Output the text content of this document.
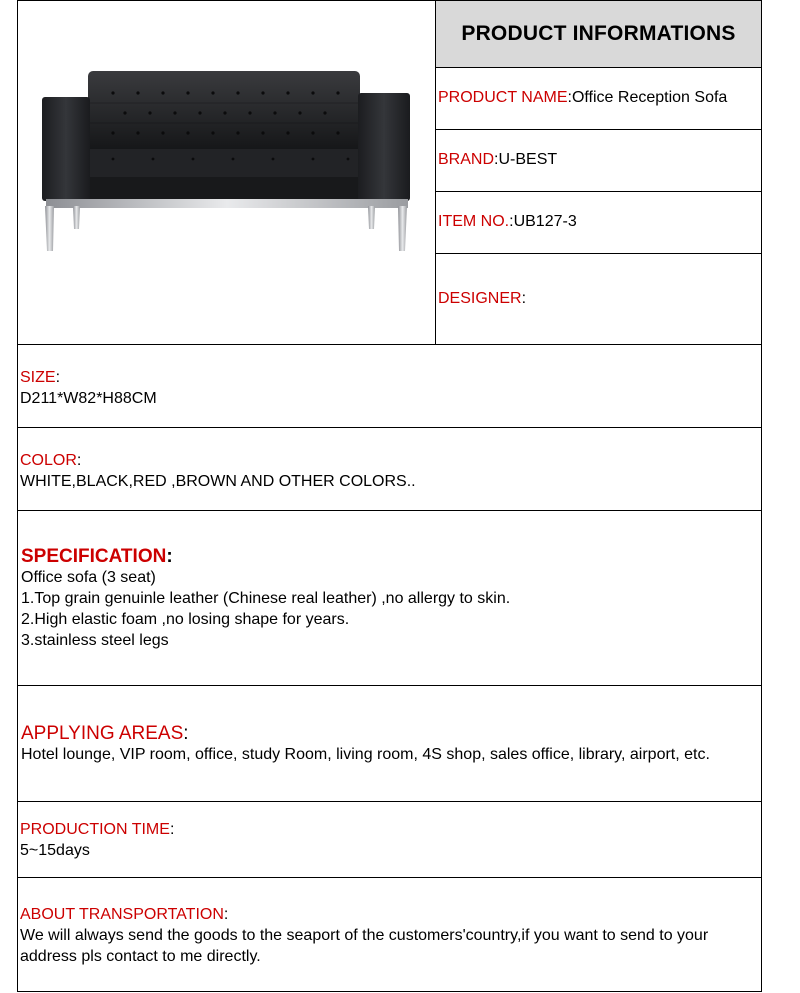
PRODUCT INFORMATIONS
PRODUCT NAME:Office Reception Sofa
BRAND:U-BEST
ITEM NO.:UB127-3
DESIGNER:
SIZE:
D211*W82*H88CM
COLOR:
WHITE,BLACK,RED ,BROWN AND OTHER COLORS..
SPECIFICATION:
Office sofa (3 seat)
1.Top grain genuinle leather (Chinese real leather) ,no allergy to skin.
2.High elastic foam ,no losing shape for years.
3.stainless steel legs
APPLYING AREAS:
Hotel lounge, VIP room, office, study Room, living room, 4S shop, sales office, library, airport, etc.
PRODUCTION TIME:
5~15days
ABOUT TRANSPORTATION:
We will always send the goods to the seaport of the customers'country,if you want to send to your
address pls contact to me directly.
